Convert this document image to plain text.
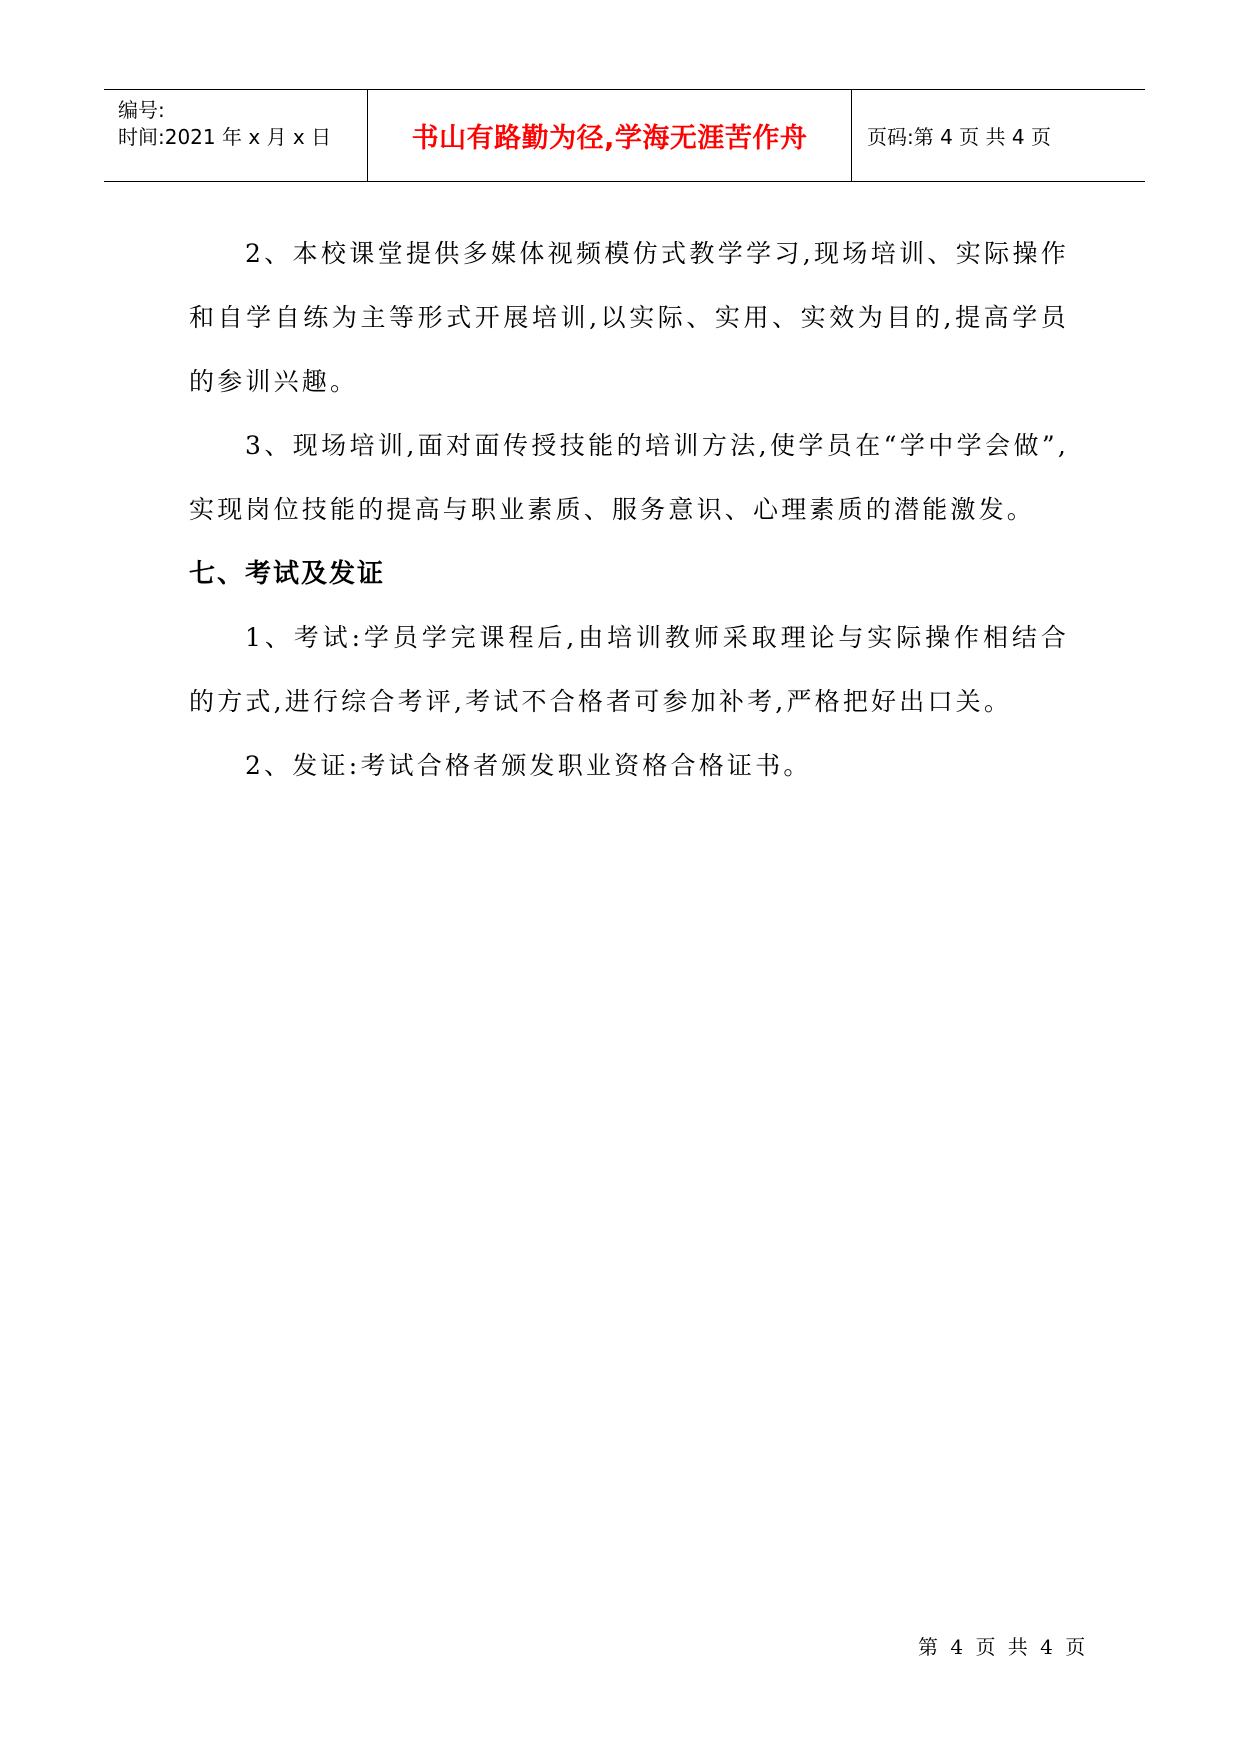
编号:
时间:2021 年 x 月 x 日	书山有路勤为径,学海无涯苦作舟	页码:第 4 页 共 4 页

2、本校课堂提供多媒体视频模仿式教学学习,现场培训、实际操作和自学自练为主等形式开展培训,以实际、实用、实效为目的,提高学员的参训兴趣。

3、现场培训,面对面传授技能的培训方法,使学员在“学中学会做”,实现岗位技能的提高与职业素质、服务意识、心理素质的潜能激发。

七、考试及发证

1、考试:学员学完课程后,由培训教师采取理论与实际操作相结合的方式,进行综合考评,考试不合格者可参加补考,严格把好出口关。

2、发证:考试合格者颁发职业资格合格证书。

第 4 页 共 4 页
